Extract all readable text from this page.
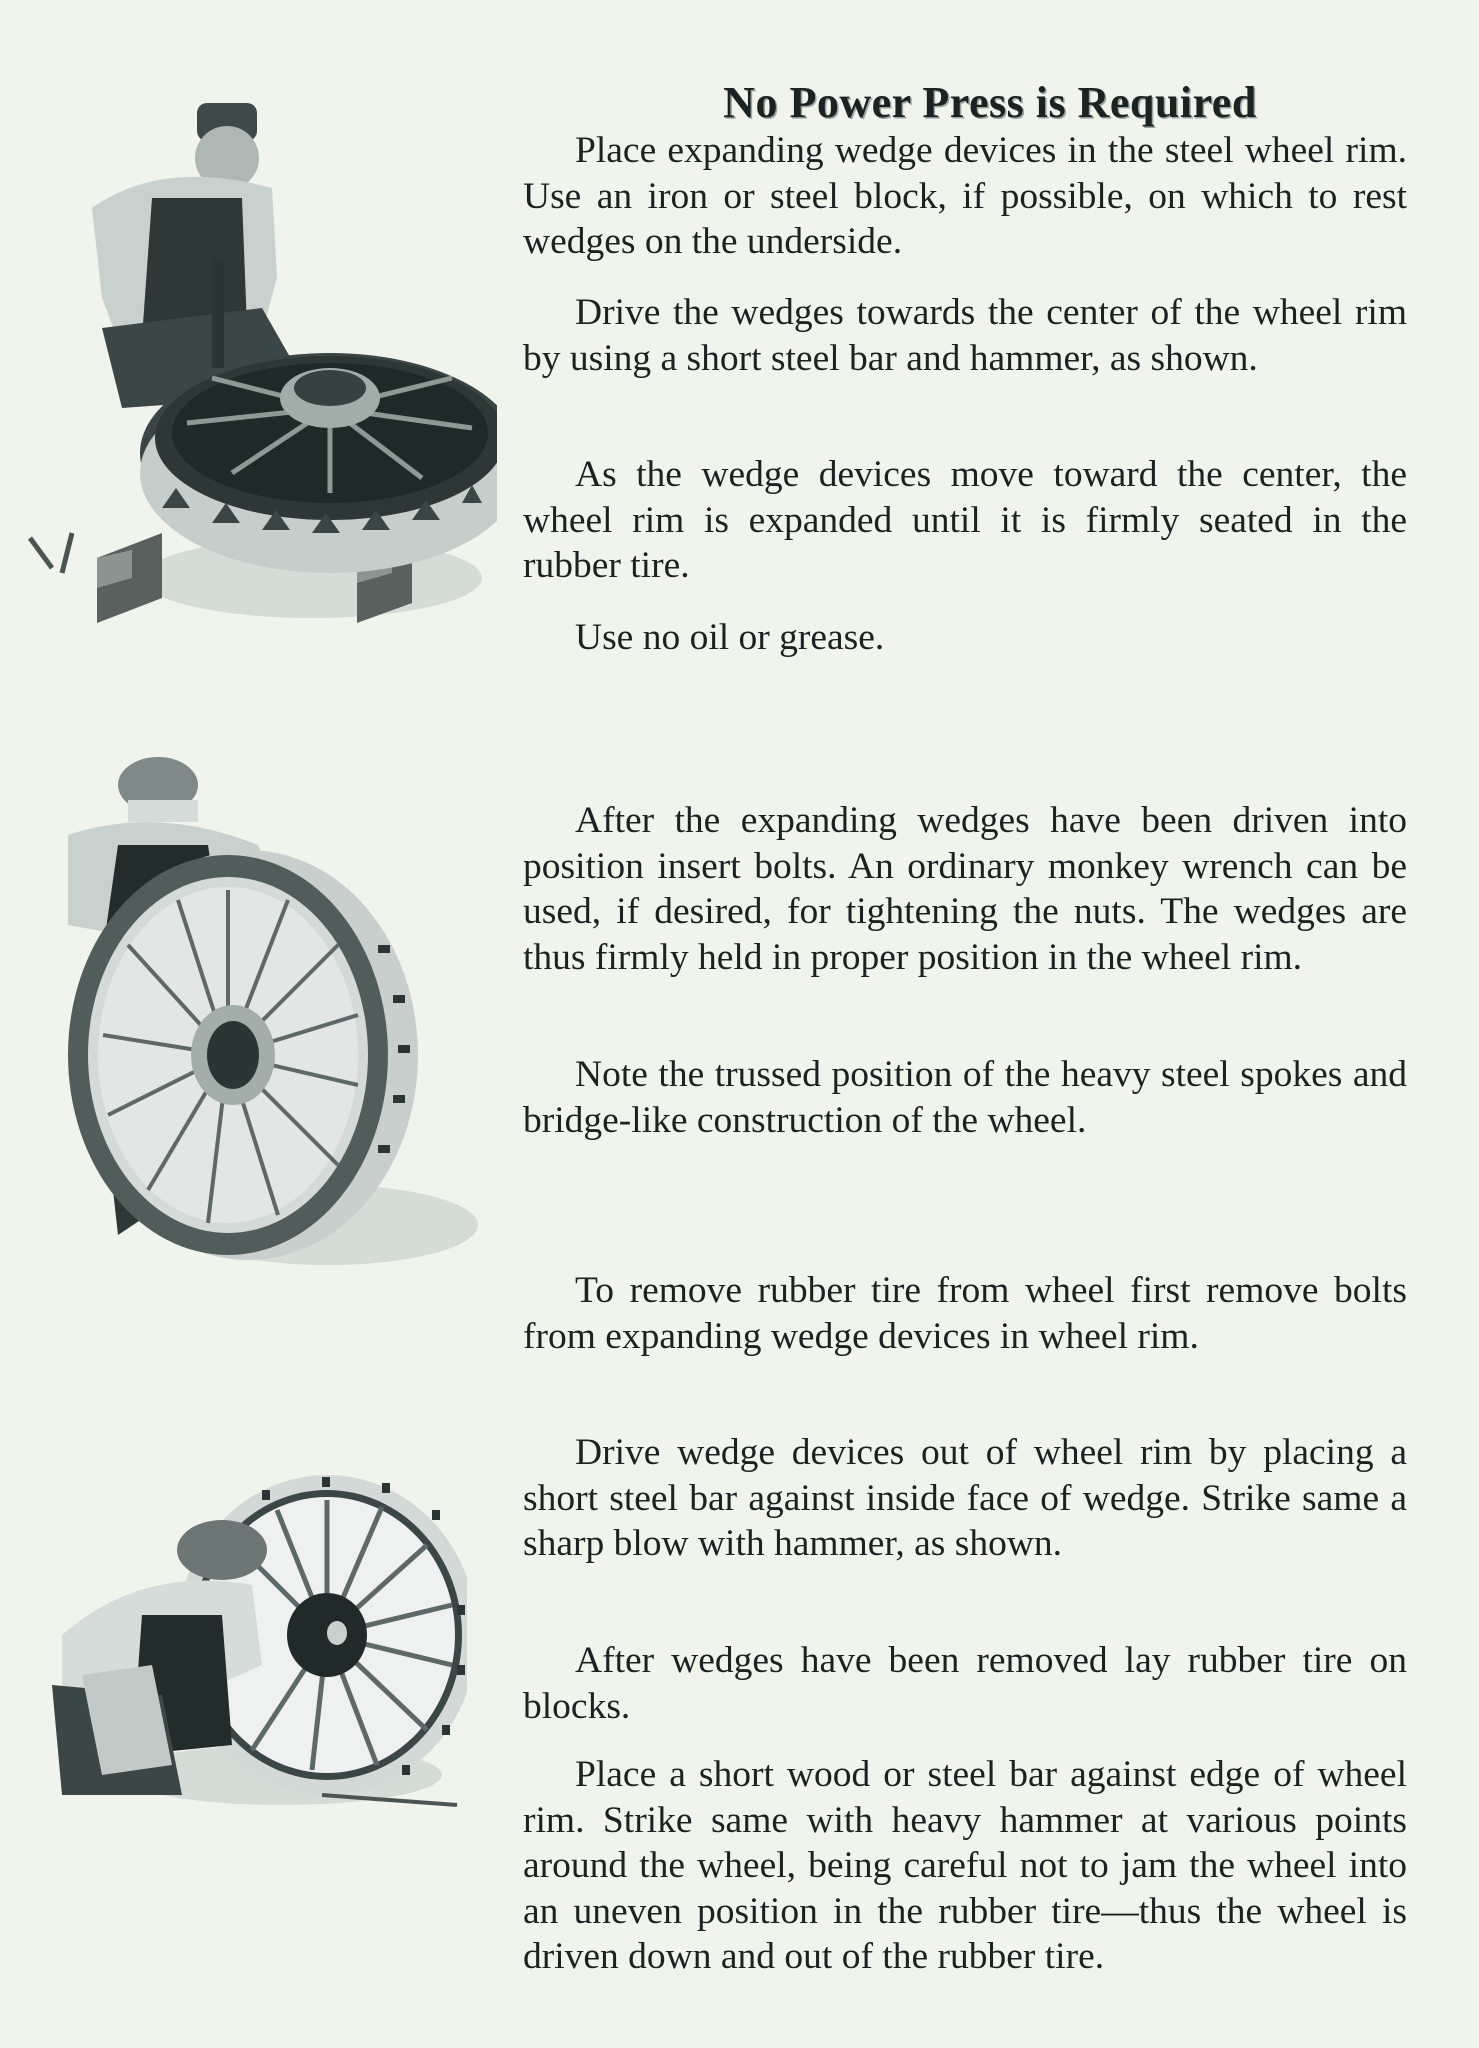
No Power Press is Required

Place expanding wedge devices in the steel wheel rim. Use an iron or steel block, if possible, on which to rest wedges on the underside.

Drive the wedges towards the center of the wheel rim by using a short steel bar and hammer, as shown.

As the wedge devices move toward the center, the wheel rim is expanded until it is firmly seated in the rubber tire.

Use no oil or grease.

After the expanding wedges have been driven into position insert bolts. An ordinary monkey wrench can be used, if desired, for tightening the nuts. The wedges are thus firmly held in proper position in the wheel rim.

Note the trussed position of the heavy steel spokes and bridge-like construction of the wheel.

To remove rubber tire from wheel first remove bolts from expanding wedge devices in wheel rim.

Drive wedge devices out of wheel rim by placing a short steel bar against inside face of wedge. Strike same a sharp blow with hammer, as shown.

After wedges have been removed lay rubber tire on blocks.

Place a short wood or steel bar against edge of wheel rim. Strike same with heavy hammer at various points around the wheel, being careful not to jam the wheel into an uneven position in the rubber tire—thus the wheel is driven down and out of the rubber tire.
